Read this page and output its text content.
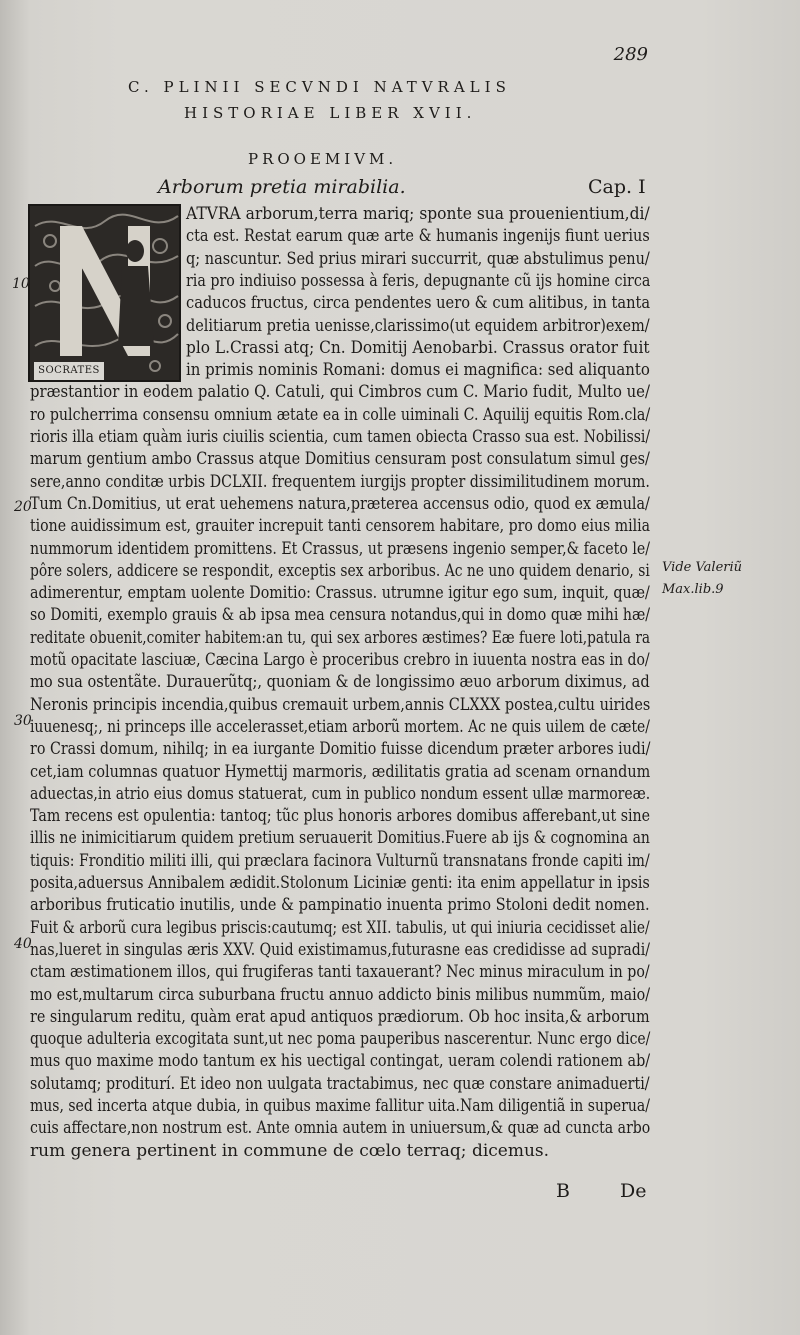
289
C. PLINII SECVNDI NATVRALIS
HISTORIAE LIBER XVII.
PROOEMIVM.
Arborum pretia mirabilia.	Cap. I
SOCRATES
ATVRA arborum,terra mariq; sponte sua prouenientium,di/
cta est. Restat earum quæ arte & humanis ingenijs fiunt uerius
q; nascuntur. Sed prius mirari succurrit, quæ abstulimus penu/
ria pro indiuiso possessa à feris, depugnante cũ ijs homine circa
caducos fructus, circa pendentes uero & cum alitibus, in tanta
delitiarum pretia uenisse,clarissimo(ut equidem arbitror)exem/
plo L.Crassi atq; Cn. Domitij Aenobarbi. Crassus orator fuit
in primis nominis Romani: domus ei magnifica: sed aliquanto
præstantior in eodem palatio Q. Catuli, qui Cimbros cum C. Mario fudit, Multo ue/
ro pulcherrima consensu omnium ætate ea in colle uiminali C. Aquilij equitis Rom.cla/
rioris illa etiam quàm iuris ciuilis scientia, cum tamen obiecta Crasso sua est. Nobilissi/
marum gentium ambo Crassus atque Domitius censuram post consulatum simul ges/
sere,anno conditæ urbis DCLXII. frequentem iurgijs propter dissimilitudinem morum.
Tum Cn.Domitius, ut erat uehemens natura,præterea accensus odio, quod ex æmula/
tione auidissimum est, grauiter increpuit tanti censorem habitare, pro domo eius milia
nummorum identidem promittens. Et Crassus, ut præsens ingenio semper,& faceto le/
pôre solers, addicere se respondit, exceptis sex arboribus. Ac ne uno quidem denario, si
adimerentur, emptam uolente Domitio: Crassus. utrumne igitur ego sum, inquit, quæ/
so Domiti, exemplo grauis & ab ipsa mea censura notandus,qui in domo quæ mihi hæ/
reditate obuenit,comiter habitem:an tu, qui sex arbores æstimes? Eæ fuere loti,patula ra
motũ opacitate lasciuæ, Cæcina Largo è proceribus crebro in iuuenta nostra eas in do/
mo sua ostentãte. Durauerũtq;, quoniam & de longissimo æuo arborum diximus, ad
Neronis principis incendia,quibus cremauit urbem,annis CLXXX postea,cultu uirides
iuuenesq;, ni princeps ille accelerasset,etiam arborũ mortem. Ac ne quis uilem de cæte/
ro Crassi domum, nihilq; in ea iurgante Domitio fuisse dicendum præter arbores iudi/
cet,iam columnas quatuor Hymettij marmoris, ædilitatis gratia ad scenam ornandum
aduectas,in atrio eius domus statuerat, cum in publico nondum essent ullæ marmoreæ.
Tam recens est opulentia: tantoq; tũc plus honoris arbores domibus afferebant,ut sine
illis ne inimicitiarum quidem pretium seruauerit Domitius.Fuere ab ijs & cognomina an
tiquis: Fronditio militi illi, qui præclara facinora Vulturnũ transnatans fronde capiti im/
posita,aduersus Annibalem ædidit.Stolonum Liciniæ genti: ita enim appellatur in ipsis
arboribus fruticatio inutilis, unde & pampinatio inuenta primo Stoloni dedit nomen.
Fuit & arborũ cura legibus priscis:cautumq; est XII. tabulis, ut qui iniuria cecidisset alie/
nas,lueret in singulas æris XXV. Quid existimamus,futurasne eas credidisse ad supradi/
ctam æstimationem illos, qui frugiferas tanti taxauerant? Nec minus miraculum in po/
mo est,multarum circa suburbana fructu annuo addicto binis milibus nummũm, maio/
re singularum reditu, quàm erat apud antiquos prædiorum. Ob hoc insita,& arborum
quoque adulteria excogitata sunt,ut nec poma pauperibus nascerentur. Nunc ergo dice/
mus quo maxime modo tantum ex his uectigal contingat, ueram colendi rationem ab/
solutamq; proditurí. Et ideo non uulgata tractabimus, nec quæ constare animaduerti/
mus, sed incerta atque dubia, in quibus maxime fallitur uita.Nam diligentiã in superua/
cuis affectare,non nostrum est. Ante omnia autem in uniuersum,& quæ ad cuncta arbo
rum genera pertinent in commune de cœlo terraq; dicemus.
10
20
30
40
Vide Valeriũ
Max.lib.9
B	De
